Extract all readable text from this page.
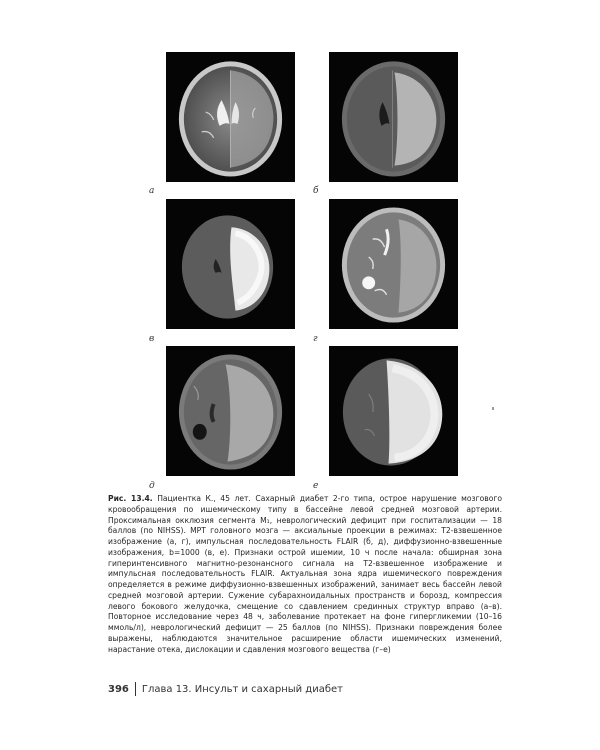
а	б
в	г
д	е

Рис. 13.4. Пациентка К., 45 лет. Сахарный диабет 2-го типа, острое нарушение мозгового кровообращения по ишемическому типу в бассейне левой средней мозговой артерии. Проксимальная окклюзия сегмента M₁, неврологический дефицит при госпитализации — 18 баллов (по NIHSS). МРТ головного мозга — аксиальные проекции в режимах: T2-взвешенное изображение (а, г), импульсная последовательность FLAIR (б, д), диффузионно-взвешенные изображения, b=1000 (в, е). Признаки острой ишемии, 10 ч после начала: обширная зона гиперинтенсивного магнитно-резонансного сигнала на T2-взвешенное изображение и импульсная последовательность FLAIR. Актуальная зона ядра ишемического повреждения определяется в режиме диффузионно-взвешенных изображений, занимает весь бассейн левой средней мозговой артерии. Сужение субарахноидальных пространств и борозд, компрессия левого бокового желудочка, смещение со сдавлением срединных структур вправо (а–в). Повторное исследование через 48 ч, заболевание протекает на фоне гипергликемии (10–16 ммоль/л), неврологический дефицит — 25 баллов (по NIHSS). Признаки повреждения более выражены, наблюдаются значительное расширение области ишемических изменений, нарастание отека, дислокации и сдавления мозгового вещества (г–е)

396	Глава 13. Инсульт и сахарный диабет
